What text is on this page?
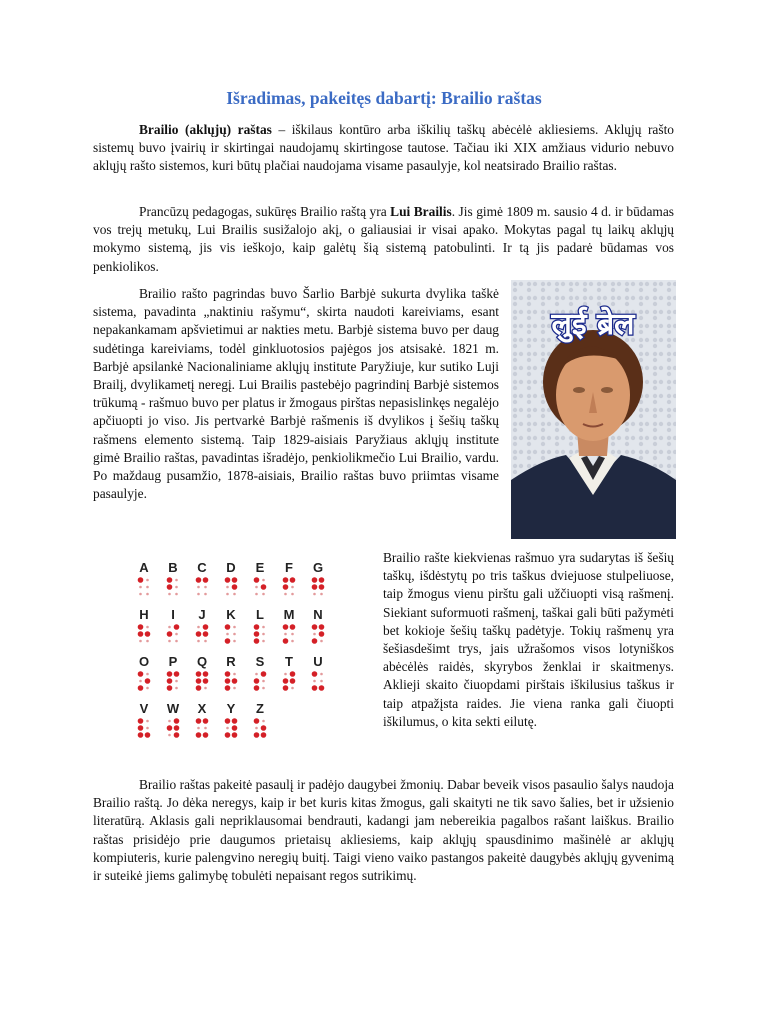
Išradimas, pakeitęs dabartį: Brailio raštas

Brailio (aklųjų) raštas – iškilaus kontūro arba iškilių taškų abėcėlė akliesiems. Aklųjų rašto sistemų buvo įvairių ir skirtingai naudojamų skirtingose tautose. Tačiau iki XIX amžiaus vidurio nebuvo aklųjų rašto sistemos, kuri būtų plačiai naudojama visame pasaulyje, kol neatsirado Brailio raštas.

Prancūzų pedagogas, sukūręs Brailio raštą yra Lui Brailis. Jis gimė 1809 m. sausio 4 d. ir būdamas vos trejų metukų, Lui Brailis susižalojo akį, o galiausiai ir visai apako. Mokytas pagal tų laikų aklųjų mokymo sistemą, jis vis ieškojo, kaip galėtų šią sistemą patobulinti. Ir tą jis padarė būdamas vos penkiolikos.

Brailio rašto pagrindas buvo Šarlio Barbjė sukurta dvylika taškė sistema, pavadinta „naktiniu rašymu“, skirta naudoti kareiviams, esant nepakankamam apšvietimui ar nakties metu. Barbjė sistema buvo per daug sudėtinga kareiviams, todėl ginkluotosios pajėgos jos atsisakė. 1821 m. Barbjė apsilankė Nacionaliniame aklųjų institute Paryžiuje, kur sutiko Luji Brailį, dvylikametį neregį. Lui Brailis pastebėjo pagrindinį Barbjė sistemos trūkumą - rašmuo buvo per platus ir žmogaus pirštas nepasislinkęs negalėjo apčiuopti jo viso. Jis pertvarkė Barbjė rašmenis iš dvylikos į šešių taškų rašmens elemento sistemą. Taip 1829-aisiais Paryžiaus aklųjų institute gimė Brailio raštas, pavadintas išradėjo, penkiolikmečio Lui Brailio, vardu. Po maždaug pusamžio, 1878-aisiais, Brailio raštas buvo priimtas visame pasaulyje.

लुई ब्रेल
A B C D E F G
H I J K L M N
O P Q R S T U
V W X Y Z

Brailio rašte kiekvienas rašmuo yra sudarytas iš šešių taškų, išdėstytų po tris taškus dviejuose stulpeliuose, taip žmogus vienu pirštu gali užčiuopti visą rašmenį. Siekiant suformuoti rašmenį, taškai gali būti pažymėti bet kokioje šešių taškų padėtyje. Tokių rašmenų yra šešiasdešimt trys, jais užrašomos visos lotyniškos abėcėlės raidės, skyrybos ženklai ir skaitmenys. Aklieji skaito čiuopdami pirštais iškilusius taškus ir taip atpažįsta raides. Jie viena ranka gali čiuopti iškilumus, o kita sekti eilutę.

Brailio raštas pakeitė pasaulį ir padėjo daugybei žmonių. Dabar beveik visos pasaulio šalys naudoja Brailio raštą. Jo dėka neregys, kaip ir bet kuris kitas žmogus, gali skaityti ne tik savo šalies, bet ir užsienio literatūrą. Aklasis gali nepriklausomai bendrauti, kadangi jam nebereikia pagalbos rašant laiškus. Brailio raštas prisidėjo prie daugumos prietaisų akliesiems, kaip aklųjų spausdinimo mašinėlė ar aklųjų kompiuteris, kurie palengvino neregių buitį. Taigi vieno vaiko pastangos pakeitė daugybės aklųjų gyvenimą ir suteikė jiems galimybę tobulėti nepaisant regos sutrikimų.
